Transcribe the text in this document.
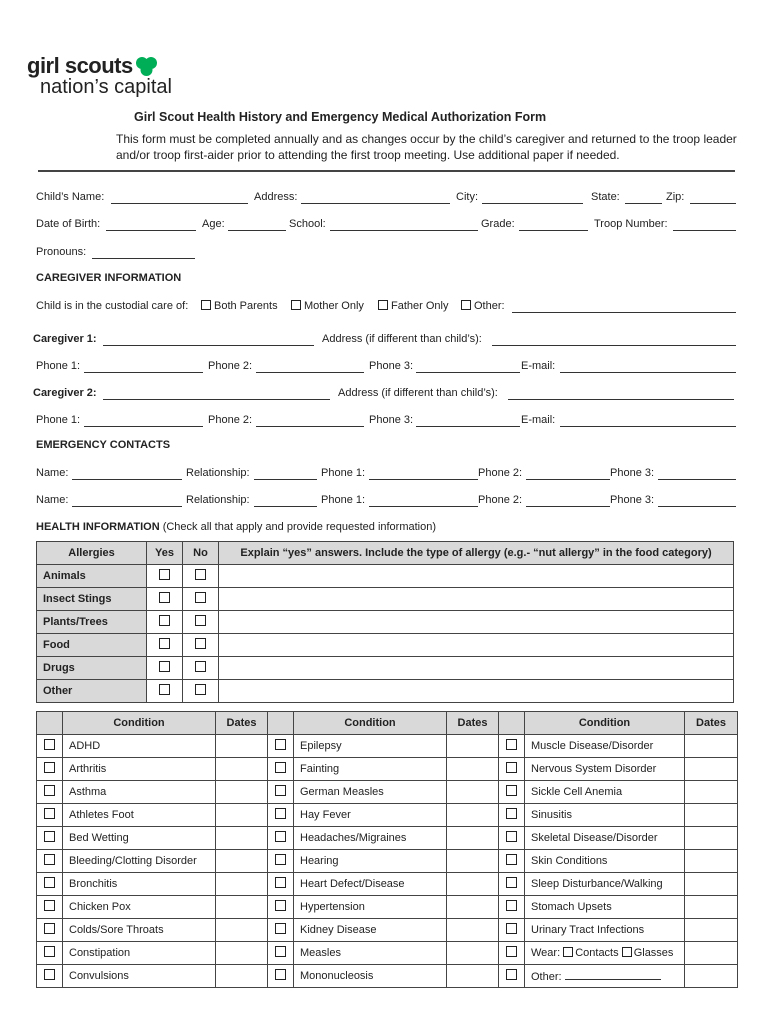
girl scouts
nation’s capital
Girl Scout Health History and Emergency Medical Authorization Form
This form must be completed annually and as changes occur by the child’s caregiver and returned to the troop leader and/or troop first-aider prior to attending the first troop meeting. Use additional paper if needed.
Child’s Name:	Address:	City:	State:	Zip:
Date of Birth:	Age:	School:	Grade:	Troop Number:
Pronouns:
CAREGIVER INFORMATION
Child is in the custodial care of:	Both Parents	Mother Only	Father Only	Other:
Caregiver 1:	Address (if different than child’s):
Phone 1:	Phone 2:	Phone 3:	E-mail:
Caregiver 2:	Address (if different than child’s):
Phone 1:	Phone 2:	Phone 3:	E-mail:
EMERGENCY CONTACTS
Name:	Relationship:	Phone 1:	Phone 2:	Phone 3:
Name:	Relationship:	Phone 1:	Phone 2:	Phone 3:
HEALTH INFORMATION (Check all that apply and provide requested information)
Allergies	Yes	No	Explain “yes” answers. Include the type of allergy (e.g.- “nut allergy” in the food category)
Animals			
Insect Stings			
Plants/Trees			
Food			
Drugs			
Other			
	Condition	Dates		Condition	Dates		Condition	Dates
	ADHD			Epilepsy			Muscle Disease/Disorder	
	Arthritis			Fainting			Nervous System Disorder	
	Asthma			German Measles			Sickle Cell Anemia	
	Athletes Foot			Hay Fever			Sinusitis	
	Bed Wetting			Headaches/Migraines			Skeletal Disease/Disorder	
	Bleeding/Clotting Disorder			Hearing			Skin Conditions	
	Bronchitis			Heart Defect/Disease			Sleep Disturbance/Walking	
	Chicken Pox			Hypertension			Stomach Upsets	
	Colds/Sore Throats			Kidney Disease			Urinary Tract Infections	
	Constipation			Measles			Wear: Contacts Glasses	
	Convulsions			Mononucleosis			Other:	
